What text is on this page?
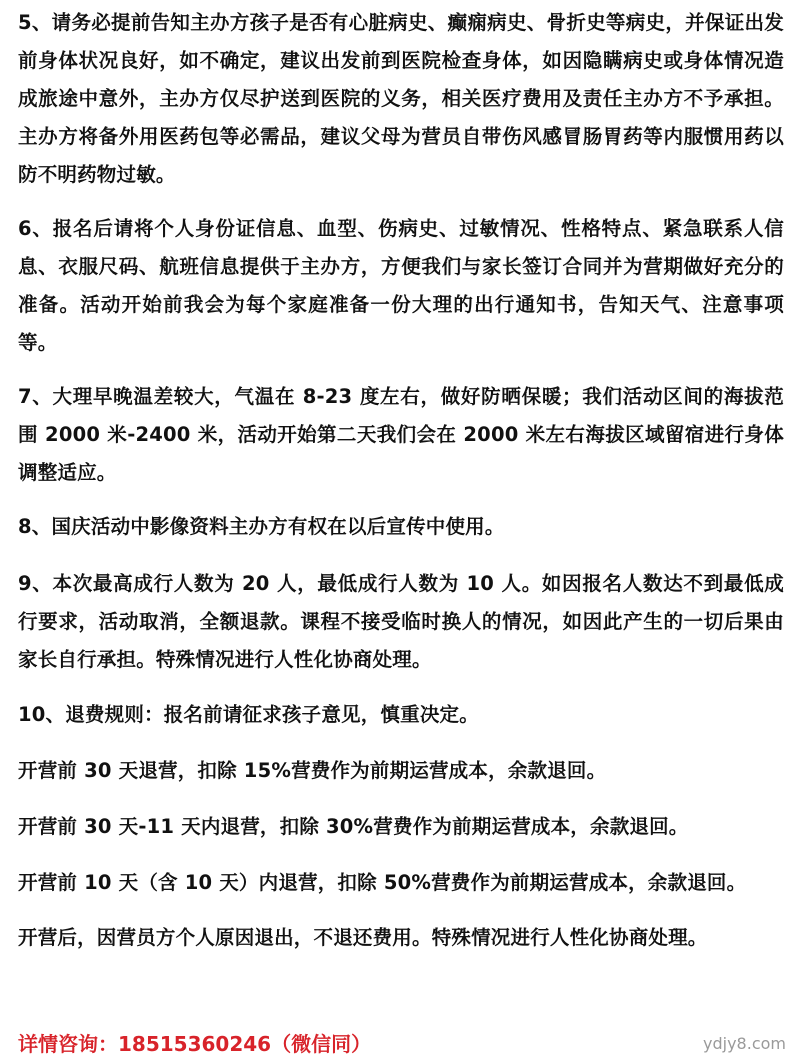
5、请务必提前告知主办方孩子是否有心脏病史、癫痫病史、骨折史等病史，并保证出发前身体状况良好，如不确定，建议出发前到医院检查身体，如因隐瞒病史或身体情况造成旅途中意外，主办方仅尽护送到医院的义务，相关医疗费用及责任主办方不予承担。主办方将备外用医药包等必需品，建议父母为营员自带伤风感冒肠胃药等内服惯用药以防不明药物过敏。

6、报名后请将个人身份证信息、血型、伤病史、过敏情况、性格特点、紧急联系人信息、衣服尺码、航班信息提供于主办方，方便我们与家长签订合同并为营期做好充分的准备。活动开始前我会为每个家庭准备一份大理的出行通知书，告知天气、注意事项等。

7、大理早晚温差较大，气温在 8-23 度左右，做好防晒保暖；我们活动区间的海拔范围 2000 米-2400 米，活动开始第二天我们会在 2000 米左右海拔区域留宿进行身体调整适应。

8、国庆活动中影像资料主办方有权在以后宣传中使用。

9、本次最高成行人数为 20 人，最低成行人数为 10 人。如因报名人数达不到最低成行要求，活动取消，全额退款。课程不接受临时换人的情况，如因此产生的一切后果由家长自行承担。特殊情况进行人性化协商处理。

10、退费规则：报名前请征求孩子意见，慎重决定。

开营前 30 天退营，扣除 15%营费作为前期运营成本，余款退回。

开营前 30 天-11 天内退营，扣除 30%营费作为前期运营成本，余款退回。

开营前 10 天（含 10 天）内退营，扣除 50%营费作为前期运营成本，余款退回。

开营后，因营员方个人原因退出，不退还费用。特殊情况进行人性化协商处理。

详情咨询：18515360246（微信同）	ydjy8.com
